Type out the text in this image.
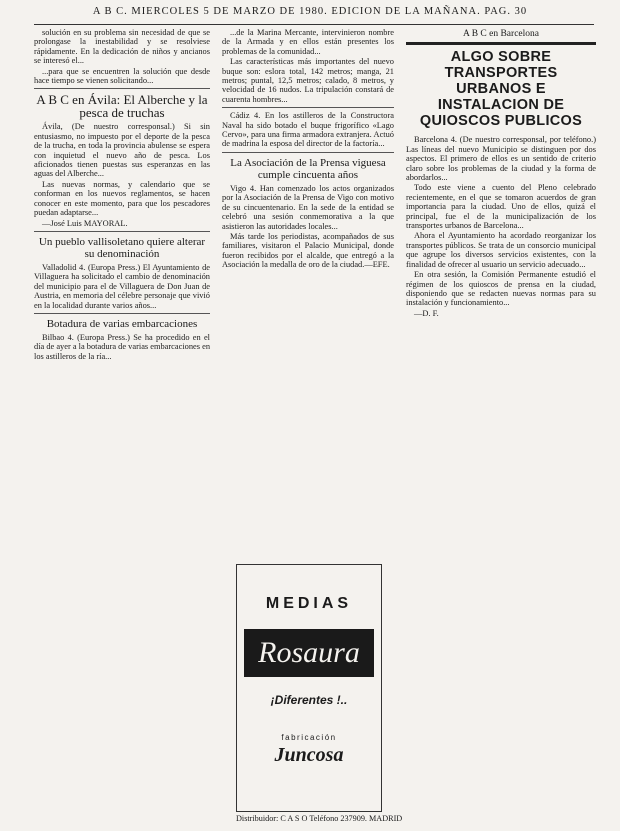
A B C. MIERCOLES 5 DE MARZO DE 1980. EDICION DE LA MAÑANA. PAG. 30

solución en su problema sin necesidad de que se prolongase la inestabilidad y se resolviese rápidamente. En la dedicación de niños y ancianos se interesó el...

...para que se encuentren la solución que desde hace tiempo se vienen solicitando...

A B C en Ávila: El Alberche y la pesca de truchas

Ávila, (De nuestro corresponsal.) Si sin entusiasmo, no impuesto por el deporte de la pesca de la trucha, en toda la provincia abulense se espera con inquietud el nuevo año de pesca. Los aficionados tienen puestas sus esperanzas en las aguas del Alberche...

Las nuevas normas, y calendario que se conforman en los nuevos reglamentos, se hacen conocer en este momento, para que los pescadores puedan adaptarse...

—José Luis MAYORAL.

Un pueblo vallisoletano quiere alterar su denominación

Valladolid 4. (Europa Press.) El Ayuntamiento de Villaguera ha solicitado el cambio de denominación del municipio para el de Villaguera de Don Juan de Austria, en memoria del célebre personaje que vivió en la localidad durante varios años...

Botadura de varias embarcaciones

Bilbao 4. (Europa Press.) Se ha procedido en el día de ayer a la botadura de varias embarcaciones en los astilleros de la ría...

...de la Marina Mercante, intervinieron nombre de la Armada y en ellos están presentes los problemas de la comunidad...

Las características más importantes del nuevo buque son: eslora total, 142 metros; manga, 21 metros; puntal, 12,5 metros; calado, 8 metros, y velocidad de 16 nudos. La tripulación constará de cuarenta hombres...

Cádiz 4. En los astilleros de la Constructora Naval ha sido botado el buque frigorífico «Lago Cervo», para una firma armadora extranjera. Actuó de madrina la esposa del director de la factoría...

La Asociación de la Prensa viguesa cumple cincuenta años

Vigo 4. Han comenzado los actos organizados por la Asociación de la Prensa de Vigo con motivo de su cincuentenario. En la sede de la entidad se celebró una sesión conmemorativa a la que asistieron las autoridades locales...

Más tarde los periodistas, acompañados de sus familiares, visitaron el Palacio Municipal, donde fueron recibidos por el alcalde, que entregó a la Asociación la medalla de oro de la ciudad.—EFE.

MEDIAS
Rosaura
¡Diferentes !..
fabricación
Juncosa
Distribuidor: C A S O Teléfono 237909. MADRID
A B C en Barcelona
ALGO SOBRE TRANSPORTES URBANOS E INSTALACION DE QUIOSCOS PUBLICOS

Barcelona 4. (De nuestro corresponsal, por teléfono.) Las líneas del nuevo Municipio se distinguen por dos aspectos. El primero de ellos es un sentido de criterio claro sobre los problemas de la ciudad y la forma de abordarlos...

Todo este viene a cuento del Pleno celebrado recientemente, en el que se tomaron acuerdos de gran importancia para la ciudad. Uno de ellos, quizá el principal, fue el de la municipalización de los transportes urbanos de Barcelona...

Ahora el Ayuntamiento ha acordado reorganizar los transportes públicos. Se trata de un consorcio municipal que agrupe los diversos servicios existentes, con la finalidad de ofrecer al usuario un servicio adecuado...

En otra sesión, la Comisión Permanente estudió el régimen de los quioscos de prensa en la ciudad, disponiendo que se redacten nuevas normas para su instalación y funcionamiento...

—D. F.
